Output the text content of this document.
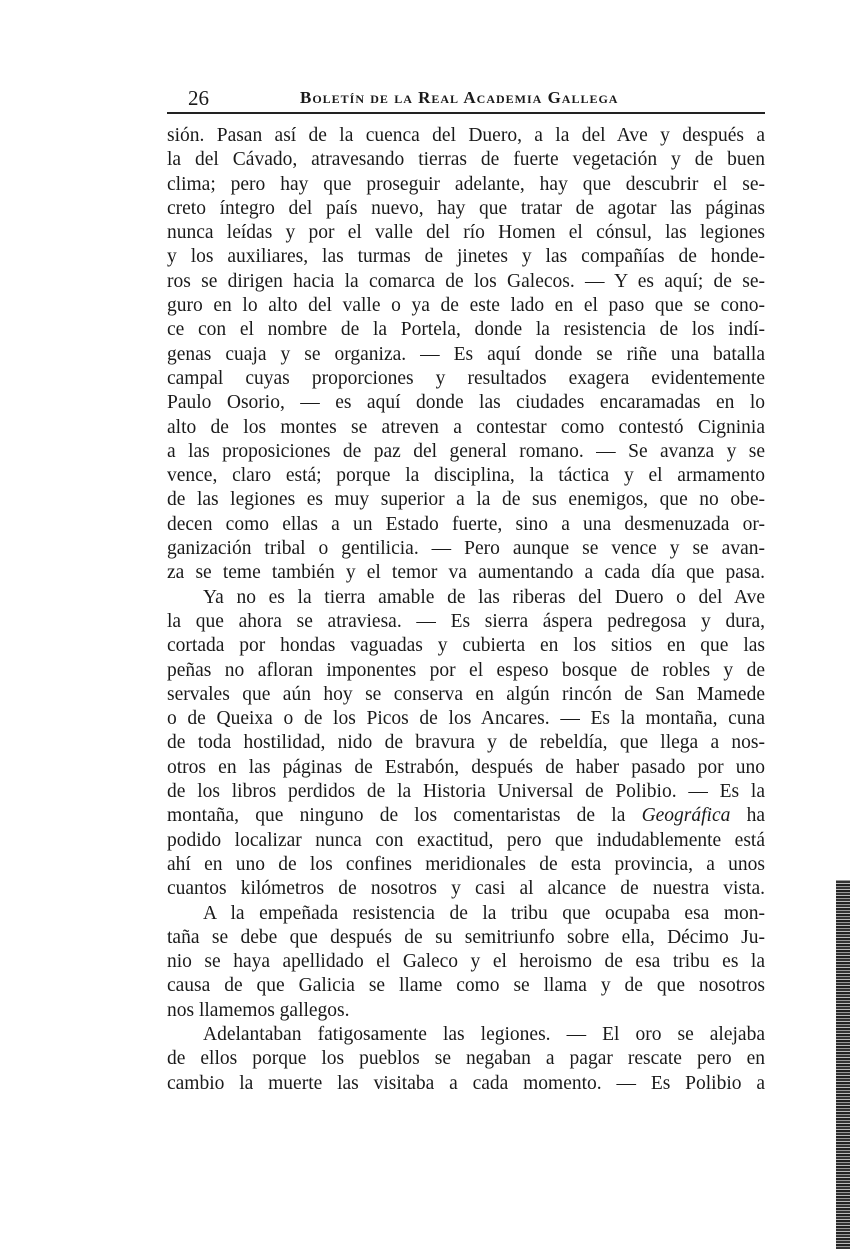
26	Boletín de la Real Academia Gallega
sión. Pasan así de la cuenca del Duero, a la del Ave y después a
la del Cávado, atravesando tierras de fuerte vegetación y de buen
clima; pero hay que proseguir adelante, hay que descubrir el se-
creto íntegro del país nuevo, hay que tratar de agotar las páginas
nunca leídas y por el valle del río Homen el cónsul, las legiones
y los auxiliares, las turmas de jinetes y las compañías de honde-
ros se dirigen hacia la comarca de los Galecos. — Y es aquí; de se-
guro en lo alto del valle o ya de este lado en el paso que se cono-
ce con el nombre de la Portela, donde la resistencia de los indí-
genas cuaja y se organiza. — Es aquí donde se riñe una batalla
campal cuyas proporciones y resultados exagera evidentemente
Paulo Osorio, — es aquí donde las ciudades encaramadas en lo
alto de los montes se atreven a contestar como contestó Cigninia
a las proposiciones de paz del general romano. — Se avanza y se
vence, claro está; porque la disciplina, la táctica y el armamento
de las legiones es muy superior a la de sus enemigos, que no obe-
decen como ellas a un Estado fuerte, sino a una desmenuzada or-
ganización tribal o gentilicia. — Pero aunque se vence y se avan-
za se teme también y el temor va aumentando a cada día que pasa.
Ya no es la tierra amable de las riberas del Duero o del Ave
la que ahora se atraviesa. — Es sierra áspera pedregosa y dura,
cortada por hondas vaguadas y cubierta en los sitios en que las
peñas no afloran imponentes por el espeso bosque de robles y de
servales que aún hoy se conserva en algún rincón de San Mamede
o de Queixa o de los Picos de los Ancares. — Es la montaña, cuna
de toda hostilidad, nido de bravura y de rebeldía, que llega a nos-
otros en las páginas de Estrabón, después de haber pasado por uno
de los libros perdidos de la Historia Universal de Polibio. — Es la
montaña, que ninguno de los comentaristas de la Geográfica ha
podido localizar nunca con exactitud, pero que indudablemente está
ahí en uno de los confines meridionales de esta provincia, a unos
cuantos kilómetros de nosotros y casi al alcance de nuestra vista.
A la empeñada resistencia de la tribu que ocupaba esa mon-
taña se debe que después de su semitriunfo sobre ella, Décimo Ju-
nio se haya apellidado el Galeco y el heroismo de esa tribu es la
causa de que Galicia se llame como se llama y de que nosotros
nos llamemos gallegos.
Adelantaban fatigosamente las legiones. — El oro se alejaba
de ellos porque los pueblos se negaban a pagar rescate pero en
cambio la muerte las visitaba a cada momento. — Es Polibio a
